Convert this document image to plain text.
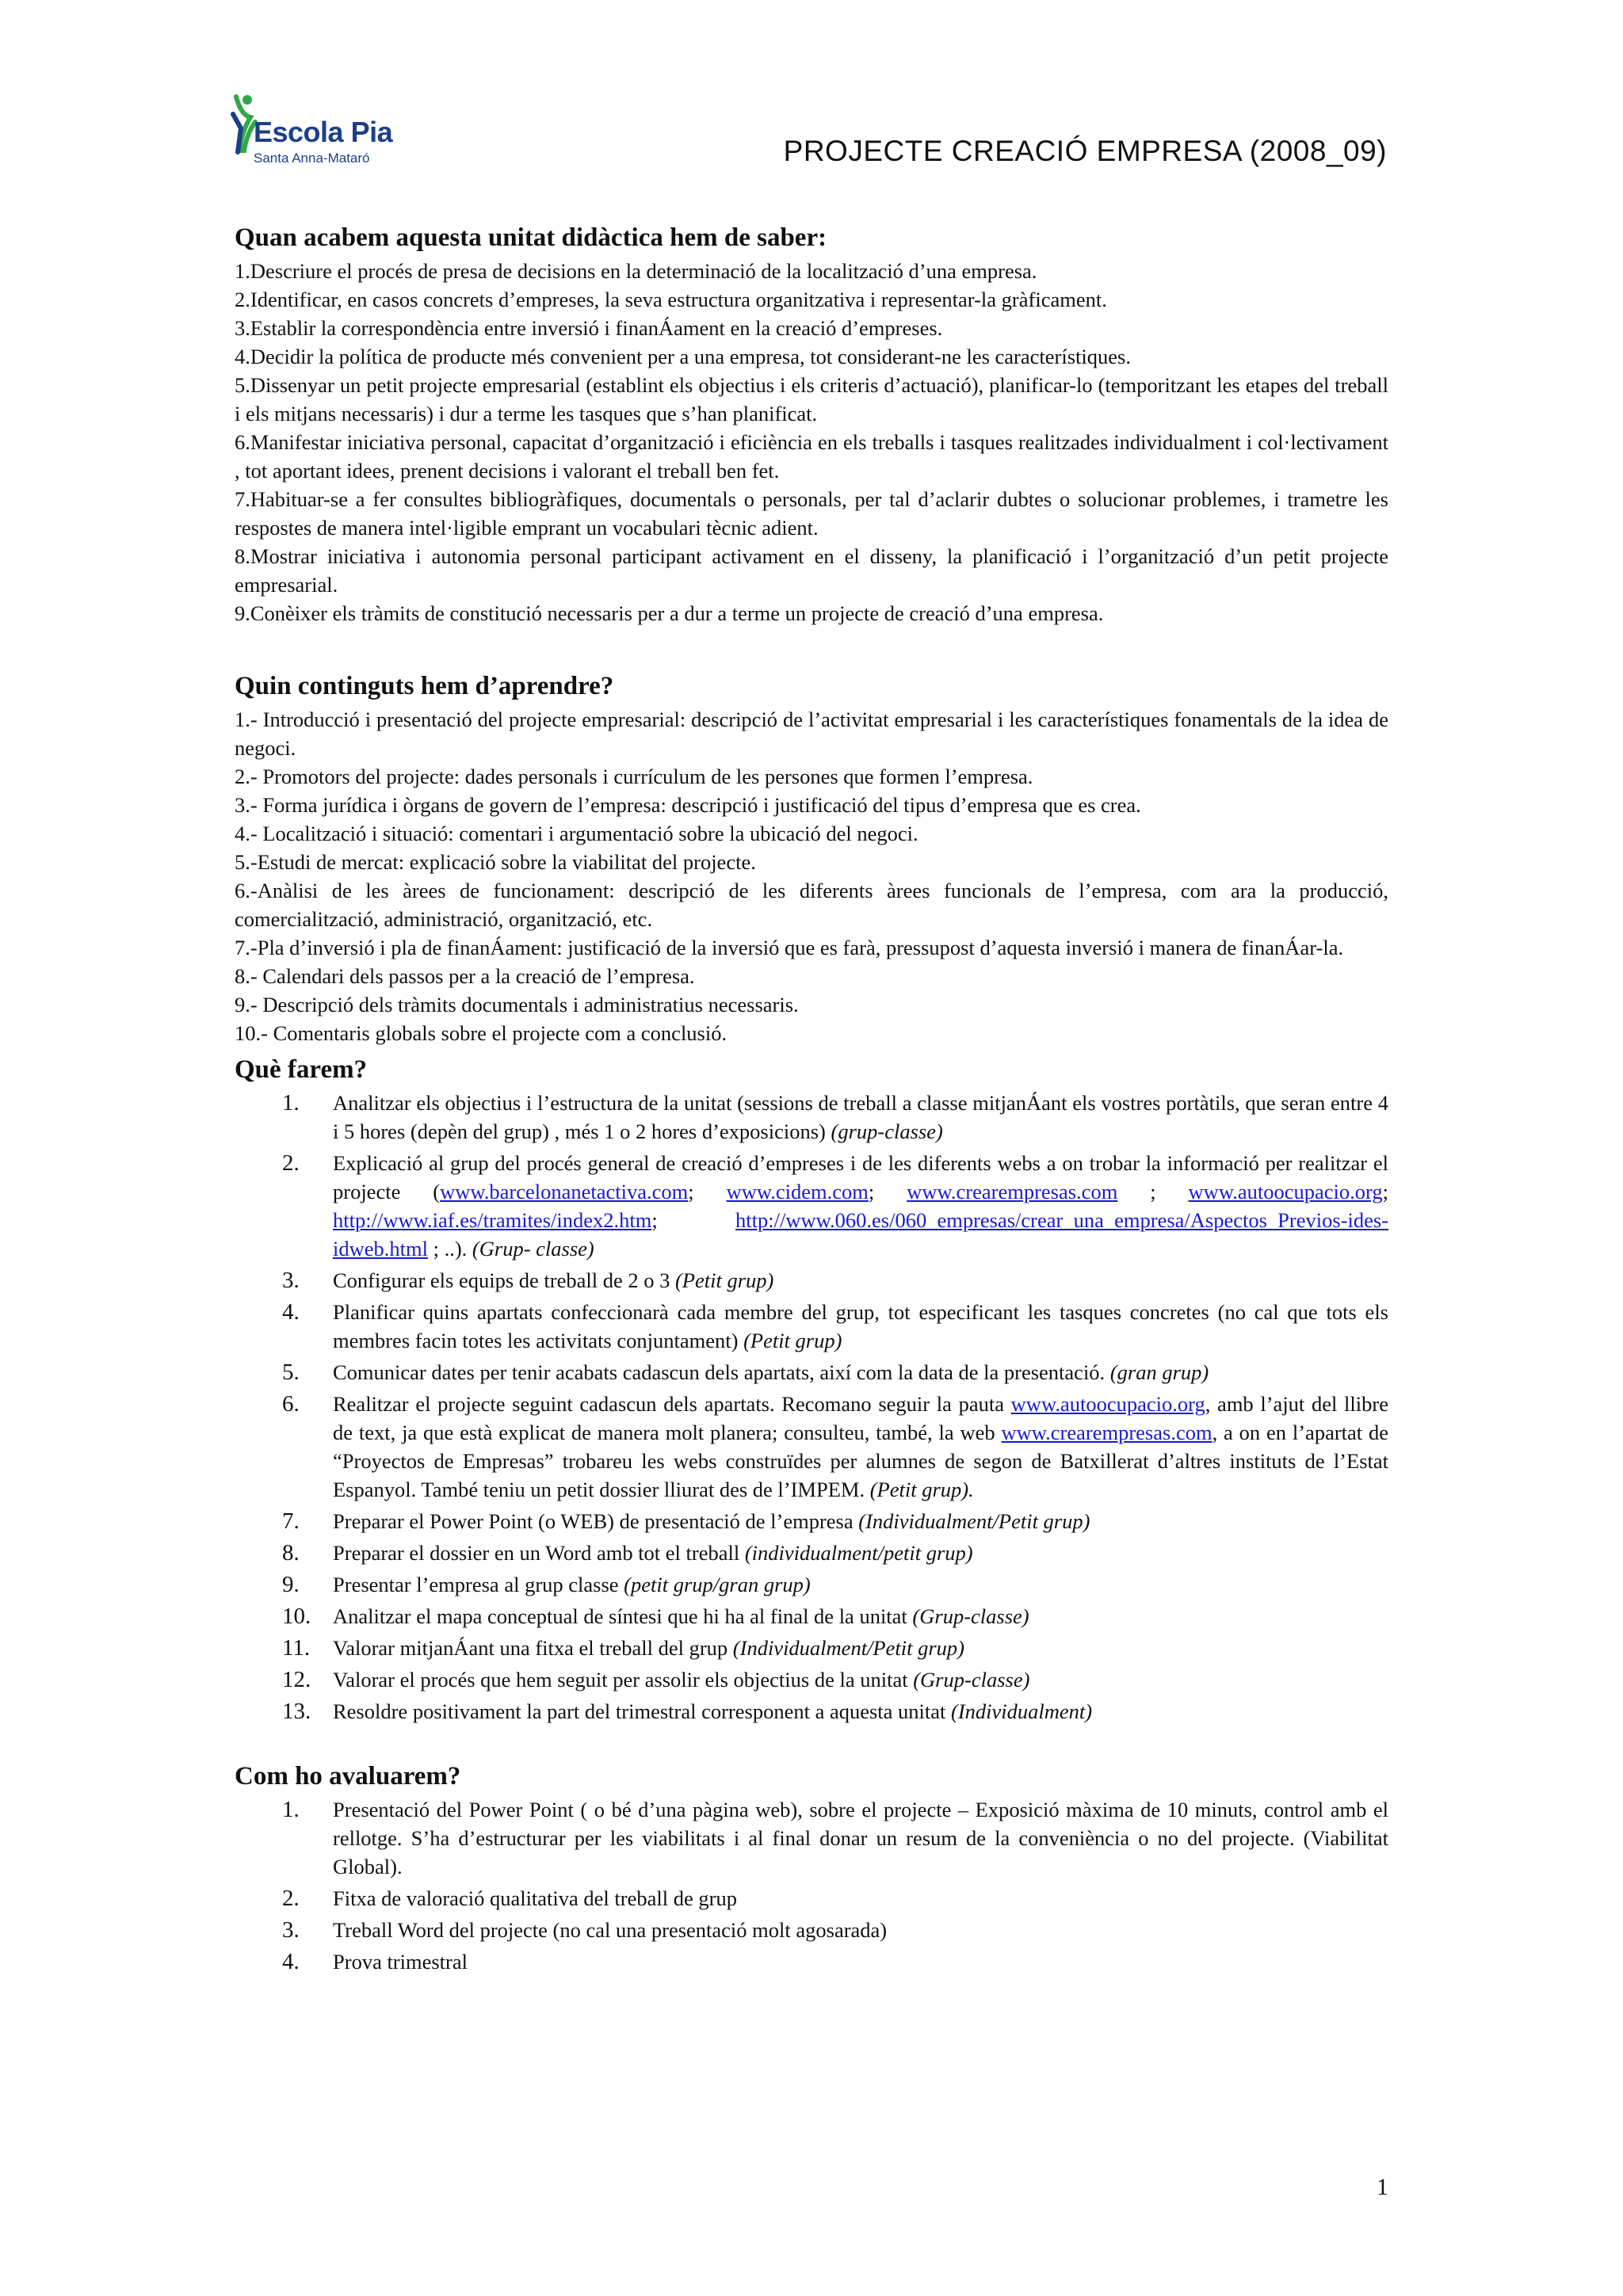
Escola Pia
Santa Anna-Mataró	PROJECTE CREACIÓ EMPRESA (2008_09)
Quan acabem aquesta unitat didàctica hem de saber:

1.Descriure el procés de presa de decisions en la determinació de la localització d’una empresa.

2.Identificar, en casos concrets d’empreses, la seva estructura organitzativa i representar-la gràficament.

3.Establir la correspondència entre inversió i finanÁament en la creació d’empreses.

4.Decidir la política de producte més convenient per a una empresa, tot considerant-ne les característiques.

5.Dissenyar un petit projecte empresarial (establint els objectius i els criteris d’actuació), planificar-lo (temporitzant les etapes del treball i els mitjans necessaris) i dur a terme les tasques que s’han planificat.

6.Manifestar iniciativa personal, capacitat d’organització i eficiència en els treballs i tasques realitzades individualment i col·lectivament , tot aportant idees, prenent decisions i valorant el treball ben fet.

7.Habituar-se a fer consultes bibliogràfiques, documentals o personals, per tal d’aclarir dubtes o solucionar problemes, i trametre les respostes de manera intel·ligible emprant un vocabulari tècnic adient.

8.Mostrar iniciativa i autonomia personal participant activament en el disseny, la planificació i l’organització d’un petit projecte empresarial.

9.Conèixer els tràmits de constitució necessaris per a dur a terme un projecte de creació d’una empresa.

Quin continguts hem d’aprendre?

1.- Introducció i presentació del projecte empresarial: descripció de l’activitat empresarial i les característiques fonamentals de la idea de negoci.

2.- Promotors del projecte: dades personals i currículum de les persones que formen l’empresa.

3.- Forma jurídica i òrgans de govern de l’empresa: descripció i justificació del tipus d’empresa que es crea.

4.- Localització i situació: comentari i argumentació sobre la ubicació del negoci.

5.-Estudi de mercat: explicació sobre la viabilitat del projecte.

6.-Anàlisi de les àrees de funcionament: descripció de les diferents àrees funcionals de l’empresa, com ara la producció, comercialització, administració, organització, etc.

7.-Pla d’inversió i pla de finanÁament: justificació de la inversió que es farà, pressupost d’aquesta inversió i manera de finanÁar-la.

8.- Calendari dels passos per a la creació de l’empresa.

9.- Descripció dels tràmits documentals i administratius necessaris.

10.- Comentaris globals sobre el projecte com a conclusió.

Què farem?
1.	Analitzar els objectius i l’estructura de la unitat (sessions de treball a classe mitjanÁant els vostres portàtils, que seran entre 4 i 5 hores (depèn del grup) , més 1 o 2 hores d’exposicions) (grup-classe)
2.	Explicació al grup del procés general de creació d’empreses i de les diferents webs a on trobar la informació per realitzar el projecte (www.barcelonanetactiva.com; www.cidem.com; www.crearempresas.com ; www.autoocupacio.org; http://www.iaf.es/tramites/index2.htm; http://www.060.es/060_empresas/crear_una_empresa/Aspectos_Previos-ides-idweb.html ; ..). (Grup- classe)
3.	Configurar els equips de treball de 2 o 3 (Petit grup)
4.	Planificar quins apartats confeccionarà cada membre del grup, tot especificant les tasques concretes (no cal que tots els membres facin totes les activitats conjuntament) (Petit grup)
5.	Comunicar dates per tenir acabats cadascun dels apartats, així com la data de la presentació. (gran grup)
6.	Realitzar el projecte seguint cadascun dels apartats. Recomano seguir la pauta www.autoocupacio.org, amb l’ajut del llibre de text, ja que està explicat de manera molt planera; consulteu, també, la web www.crearempresas.com, a on en l’apartat de “Proyectos de Empresas” trobareu les webs construïdes per alumnes de segon de Batxillerat d’altres instituts de l’Estat Espanyol. També teniu un petit dossier lliurat des de l’IMPEM. (Petit grup).
7.	Preparar el Power Point (o WEB) de presentació de l’empresa (Individualment/Petit grup)
8.	Preparar el dossier en un Word amb tot el treball (individualment/petit grup)
9.	Presentar l’empresa al grup classe (petit grup/gran grup)
10.	Analitzar el mapa conceptual de síntesi que hi ha al final de la unitat (Grup-classe)
11.	Valorar mitjanÁant una fitxa el treball del grup (Individualment/Petit grup)
12.	Valorar el procés que hem seguit per assolir els objectius de la unitat (Grup-classe)
13.	Resoldre positivament la part del trimestral corresponent a aquesta unitat (Individualment)
Com ho avaluarem?
1.	Presentació del Power Point ( o bé d’una pàgina web), sobre el projecte – Exposició màxima de 10 minuts, control amb el rellotge. S’ha d’estructurar per les viabilitats i al final donar un resum de la conveniència o no del projecte. (Viabilitat Global).
2.	Fitxa de valoració qualitativa del treball de grup
3.	Treball Word del projecte (no cal una presentació molt agosarada)
4.	Prova trimestral
1
